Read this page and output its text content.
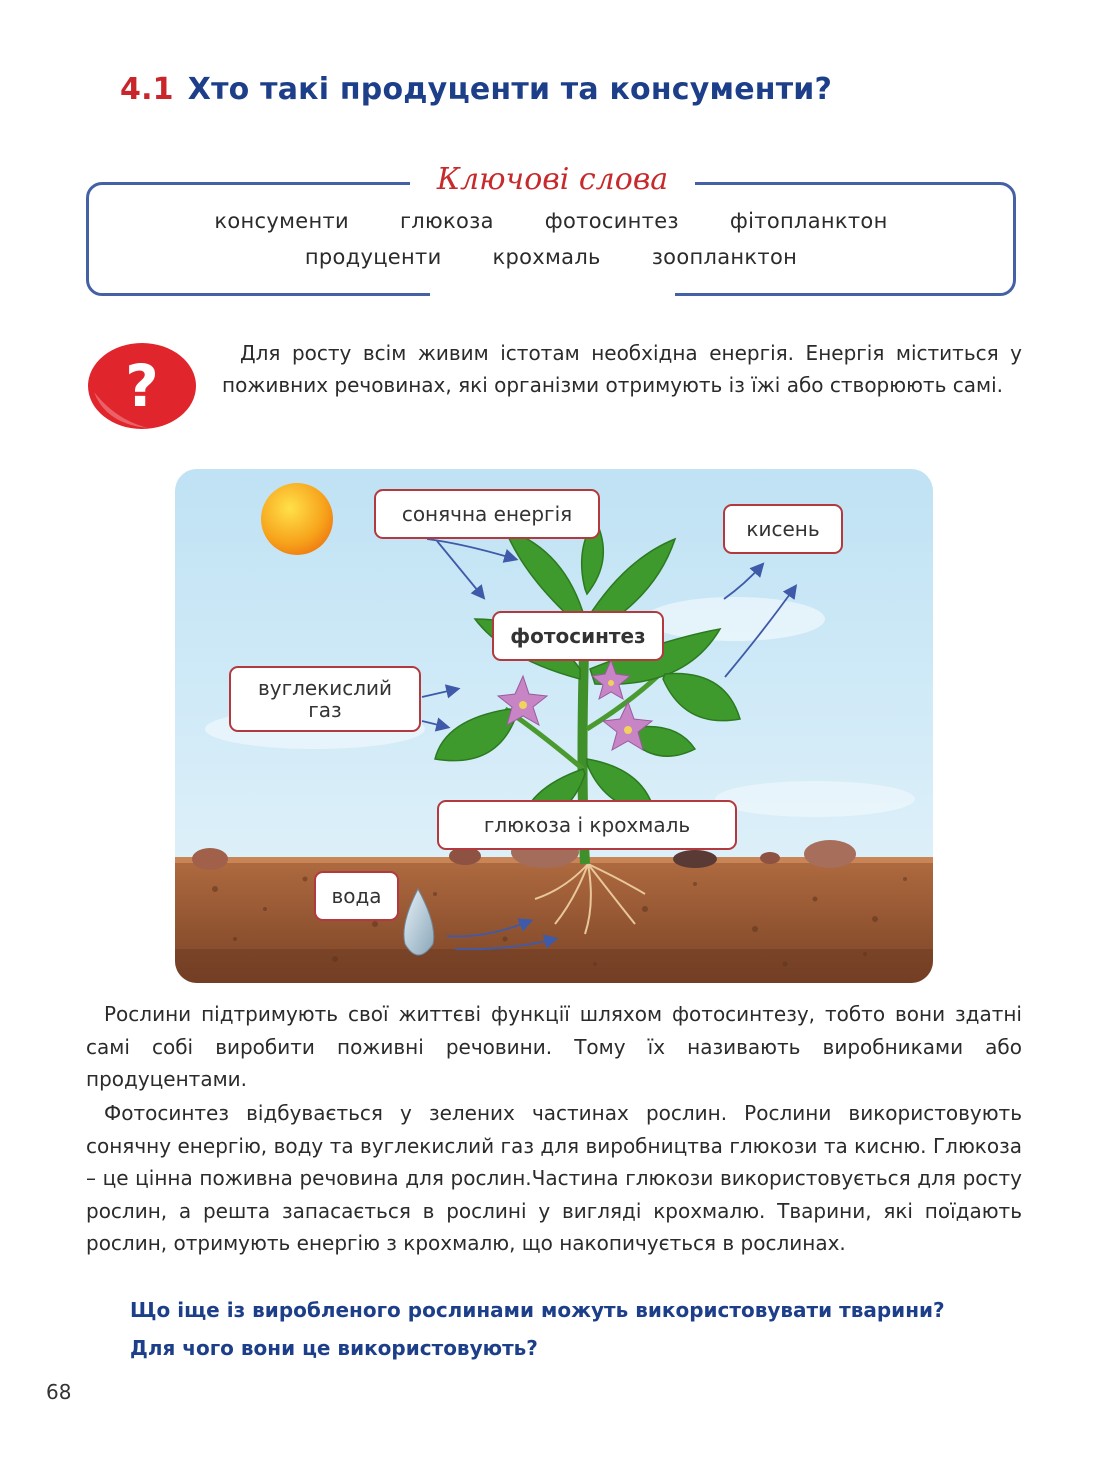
4.1 Хто такі продуценти та консументи?
Ключові слова
консументи глюкоза фотосинтез фітопланктон
продуценти крохмаль зоопланктон
?	Для росту всім живим істотам необхідна енергія. Енергія міститься у поживних речовинах, які організми отримують із їжі або створюють самі.

сонячна енергія
кисень
фотосинтез
вуглекислий газ
глюкоза і крохмаль
вода

Рослини підтримують свої життєві функції шляхом фотосинтезу, тобто вони здатні самі собі виробити поживні речовини. Тому їх називають виробниками або продуцентами.

Фотосинтез відбувається у зелених частинах рослин. Рослини використовують сонячну енергію, воду та вуглекислий газ для виробництва глюкози та кисню. Глюкоза – це цінна поживна речовина для рослин.Частина глюкози використовується для росту рослин, а решта запасається в рослині у вигляді крохмалю. Тварини, які поїдають рослин, отримують енергію з крохмалю, що накопичується в рослинах.

Що іще із виробленого рослинами можуть використовувати тварини?

Для чого вони це використовують?

68
